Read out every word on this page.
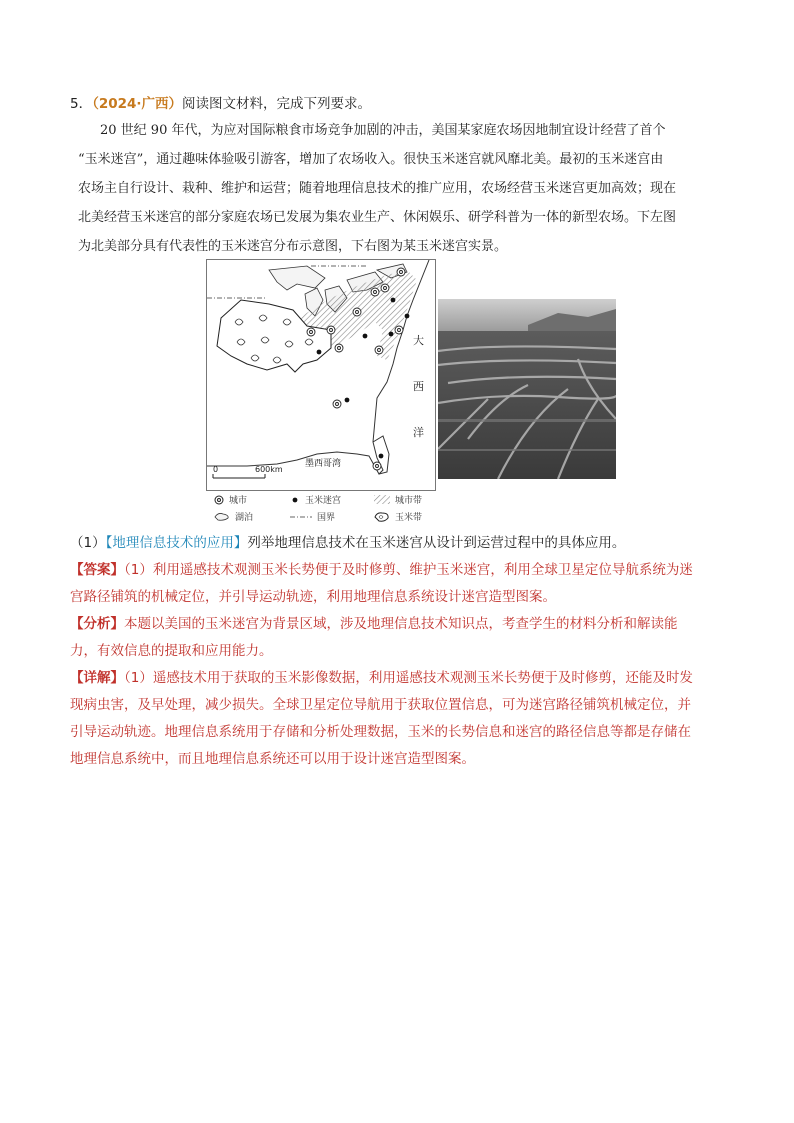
5．（2024·广西）阅读图文材料，完成下列要求。
20 世纪 90 年代，为应对国际粮食市场竞争加剧的冲击，美国某家庭农场因地制宜设计经营了首个
“玉米迷宫”，通过趣味体验吸引游客，增加了农场收入。很快玉米迷宫就风靡北美。最初的玉米迷宫由
农场主自行设计、栽种、维护和运营；随着地理信息技术的推广应用，农场经营玉米迷宫更加高效；现在
北美经营玉米迷宫的部分家庭农场已发展为集农业生产、休闲娱乐、研学科普为一体的新型农场。下左图
为北美部分具有代表性的玉米迷宫分布示意图，下右图为某玉米迷宫实景。
大
西
洋
墨西哥湾
0	600km
城市	玉米迷宫	城市带
湖泊	国界	玉米带
（1）【地理信息技术的应用】列举地理信息技术在玉米迷宫从设计到运营过程中的具体应用。
【答案】（1）利用遥感技术观测玉米长势便于及时修剪、维护玉米迷宫，利用全球卫星定位导航系统为迷
宫路径铺筑的机械定位，并引导运动轨迹，利用地理信息系统设计迷宫造型图案。
【分析】本题以美国的玉米迷宫为背景区域，涉及地理信息技术知识点，考查学生的材料分析和解读能
力，有效信息的提取和应用能力。
【详解】（1）遥感技术用于获取的玉米影像数据，利用遥感技术观测玉米长势便于及时修剪，还能及时发
现病虫害，及早处理，减少损失。全球卫星定位导航用于获取位置信息，可为迷宫路径铺筑机械定位，并
引导运动轨迹。地理信息系统用于存储和分析处理数据，玉米的长势信息和迷宫的路径信息等都是存储在
地理信息系统中，而且地理信息系统还可以用于设计迷宫造型图案。
